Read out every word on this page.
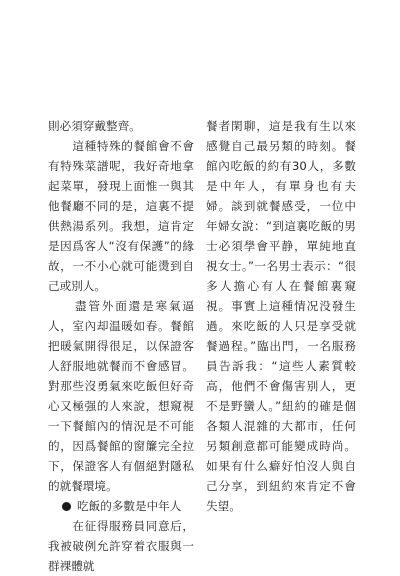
則必須穿戴整齊。

　　這種特殊的餐館會不會有特殊菜譜呢，我好奇地拿起菜單，發現上面惟一與其他餐廳不同的是，這裏不提供熱湯系列。我想，這肯定是因爲客人“沒有保護”的緣故，一不小心就可能燙到自己或別人。

　　盡管外面還是寒氣逼人，室內却温暖如春。餐館把暖氣開得很足，以保證客人舒服地就餐而不會感冒。對那些沒勇氣來吃飯但好奇心又極强的人來說，想窺視一下餐館內的情況是不可能的，因爲餐館的窗簾完全拉下，保證客人有個絕對隱私的就餐環境。

吃飯的多數是中年人

　　在征得服務員同意后，我被破例允許穿着衣服與一群裸體就

餐者閑聊，這是我有生以來感覺自己最另類的時刻。餐館內吃飯的約有30人，多數是中年人，有單身也有夫婦。談到就餐感受，一位中年婦女說：“到這裏吃飯的男士必須學會平静，單純地直視女士。”一名男士表示：“很多人擔心有人在餐館裏窺視。事實上這種情况没發生過。來吃飯的人只是享受就餐過程。”臨出門，一名服務員告訴我：“這些人素質較高，他們不會傷害别人，更不是野蠻人。”紐約的確是個各類人混雜的大都市，任何另類創意都可能變成時尚。如果有什么癖好怕沒人與自己分享，到紐約來肯定不會失望。
